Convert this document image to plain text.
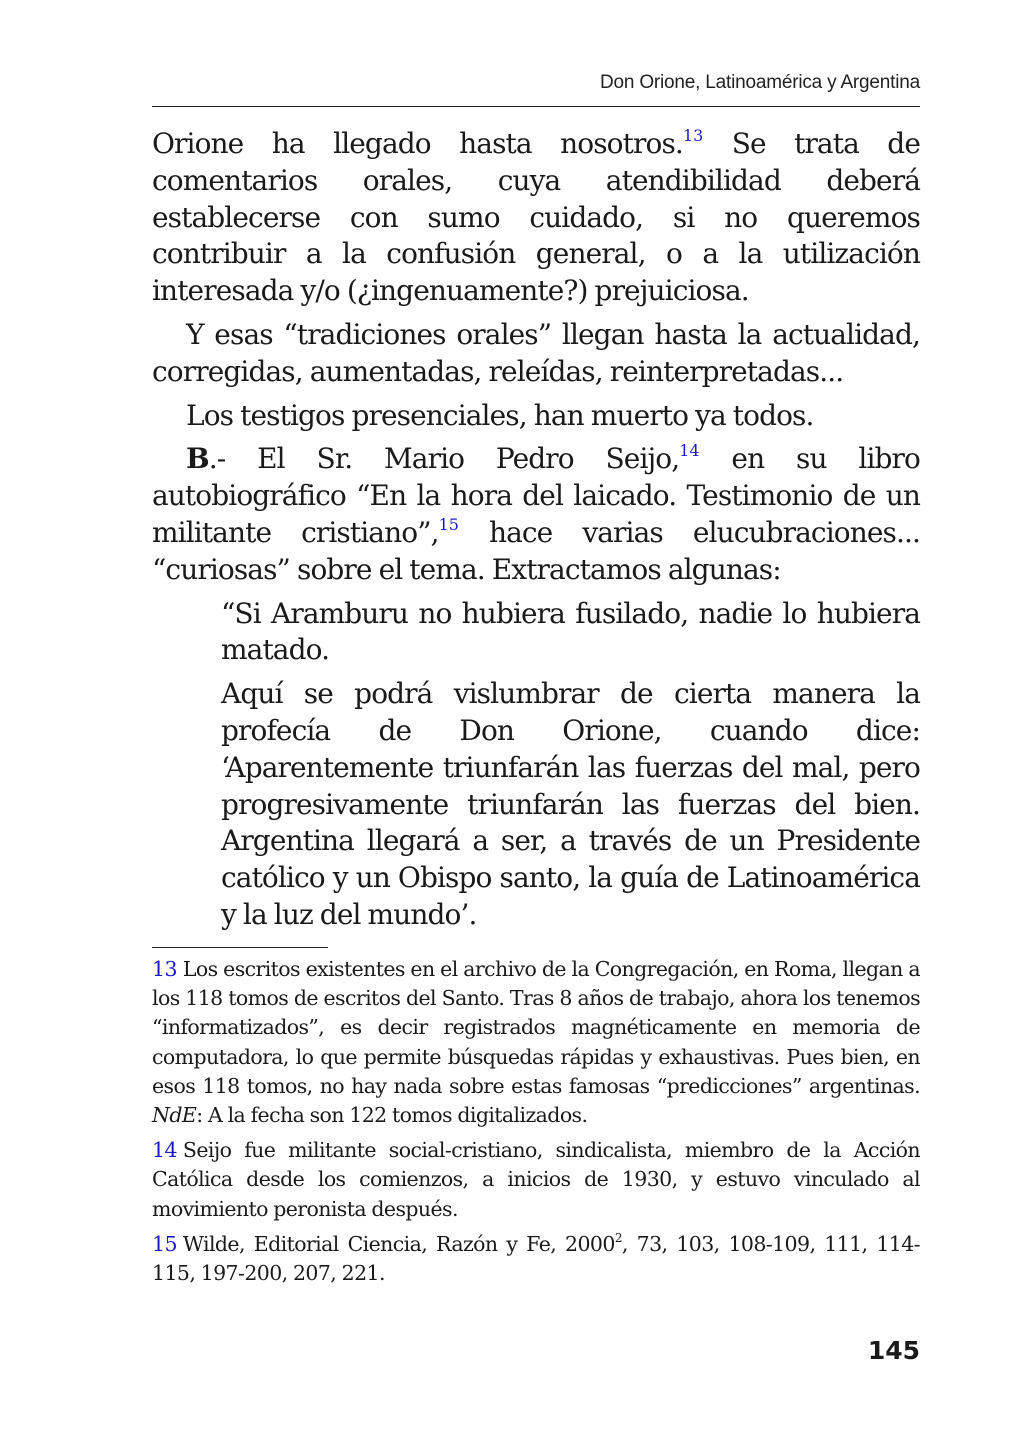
Don Orione, Latinoamérica y Argentina

Orione ha llegado hasta nosotros.$^{13}$ Se trata de comentarios orales, cuya atendibilidad deberá establecerse con sumo cuidado, si no queremos contribuir a la confusión general, o a la utilización interesada y/o (¿ingenuamente?) prejuiciosa.

Y esas “tradiciones orales” llegan hasta la actualidad, corregidas, aumentadas, releídas, reinterpretadas...

Los testigos presenciales, han muerto ya todos.

B.- El Sr. Mario Pedro Seijo,$^{14}$ en su libro autobiográfico “En la hora del laicado. Testimonio de un militante cristiano”,$^{15}$ hace varias elucubraciones... “curiosas” sobre el tema. Extractamos algunas:

“Si Aramburu no hubiera fusilado, nadie lo hubiera matado.

Aquí se podrá vislumbrar de cierta manera la profecía de Don Orione, cuando dice: ‘Aparentemente triunfarán las fuerzas del mal, pero progresivamente triunfarán las fuerzas del bien. Argentina llegará a ser, a través de un Presidente católico y un Obispo santo, la guía de Latinoamérica y la luz del mundo’.

13 Los escritos existentes en el archivo de la Congregación, en Roma, llegan a los 118 tomos de escritos del Santo. Tras 8 años de trabajo, ahora los tenemos “informatizados”, es decir registrados magnéticamente en memoria de computadora, lo que permite búsquedas rápidas y exhaustivas. Pues bien, en esos 118 tomos, no hay nada sobre estas famosas “predicciones” argentinas. NdE: A la fecha son 122 tomos digitalizados.

14 Seijo fue militante social-cristiano, sindicalista, miembro de la Acción Católica desde los comienzos, a inicios de 1930, y estuvo vinculado al movimiento peronista después.

15 Wilde, Editorial Ciencia, Razón y Fe, 2000$^2$, 73, 103, 108-109, 111, 114-115, 197-200, 207, 221.

145
